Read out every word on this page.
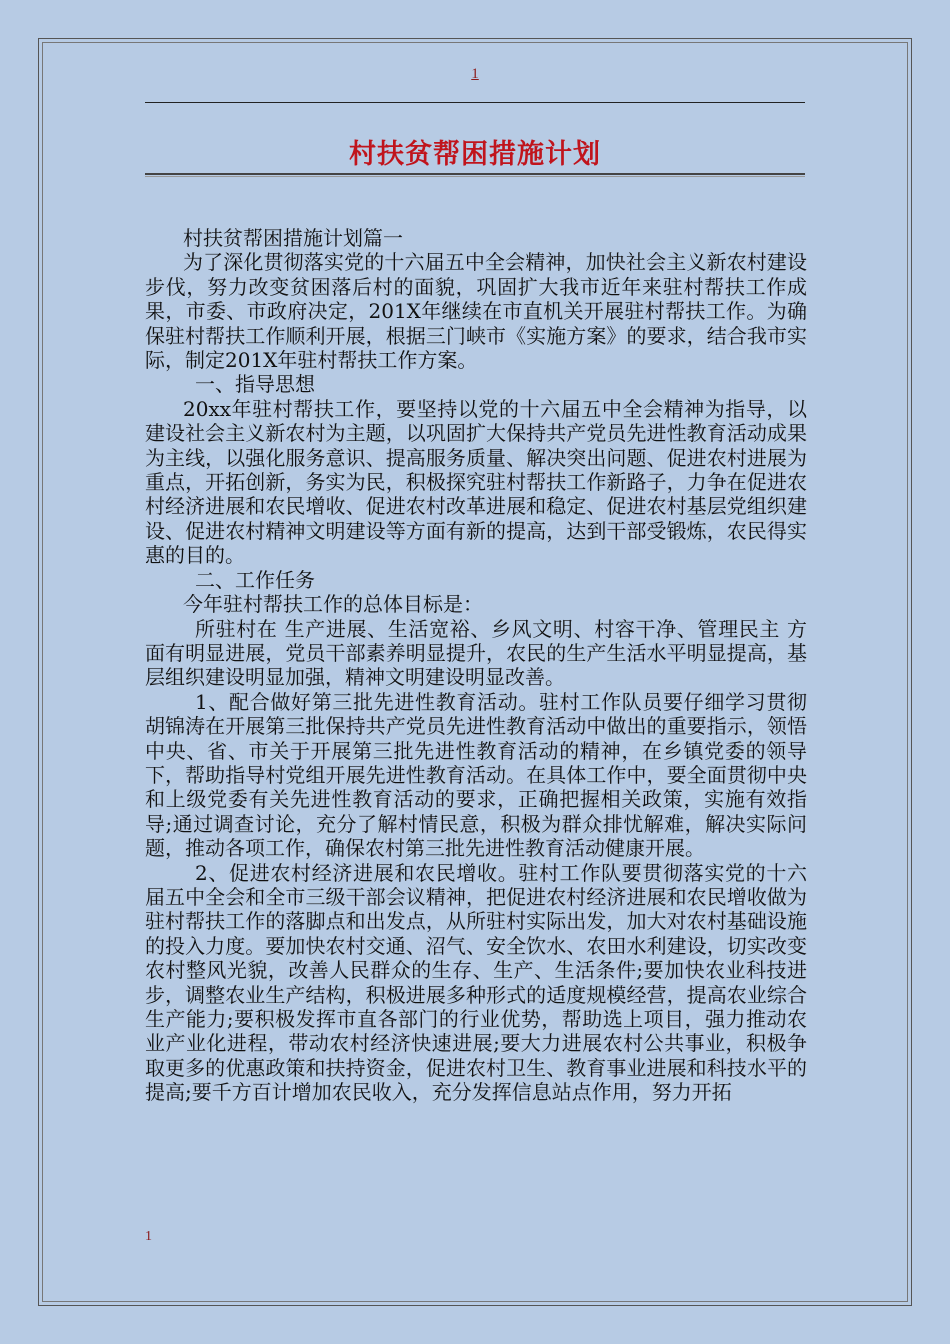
1
村扶贫帮困措施计划

村扶贫帮困措施计划篇一

为了深化贯彻落实党的十六届五中全会精神，加快社会主义新农村建设步伐，努力改变贫困落后村的面貌，巩固扩大我市近年来驻村帮扶工作成果，市委、市政府决定，201X年继续在市直机关开展驻村帮扶工作。为确保驻村帮扶工作顺利开展，根据三门峡市《实施方案》的要求，结合我市实际，制定201X年驻村帮扶工作方案。

一、指导思想

20xx年驻村帮扶工作，要坚持以党的十六届五中全会精神为指导，以建设社会主义新农村为主题，以巩固扩大保持共产党员先进性教育活动成果为主线，以强化服务意识、提高服务质量、解决突出问题、促进农村进展为重点，开拓创新，务实为民，积极探究驻村帮扶工作新路子，力争在促进农村经济进展和农民增收、促进农村改革进展和稳定、促进农村基层党组织建设、促进农村精神文明建设等方面有新的提高，达到干部受锻炼，农民得实惠的目的。

二、工作任务

今年驻村帮扶工作的总体目标是：

所驻村在 生产进展、生活宽裕、乡风文明、村容干净、管理民主 方面有明显进展，党员干部素养明显提升，农民的生产生活水平明显提高，基层组织建设明显加强，精神文明建设明显改善。

1、配合做好第三批先进性教育活动。驻村工作队员要仔细学习贯彻胡锦涛在开展第三批保持共产党员先进性教育活动中做出的重要指示，领悟中央、省、市关于开展第三批先进性教育活动的精神，在乡镇党委的领导下，帮助指导村党组开展先进性教育活动。在具体工作中，要全面贯彻中央和上级党委有关先进性教育活动的要求，正确把握相关政策，实施有效指导;通过调查讨论，充分了解村情民意，积极为群众排忧解难，解决实际问题，推动各项工作，确保农村第三批先进性教育活动健康开展。

2、促进农村经济进展和农民增收。驻村工作队要贯彻落实党的十六届五中全会和全市三级干部会议精神，把促进农村经济进展和农民增收做为驻村帮扶工作的落脚点和出发点，从所驻村实际出发，加大对农村基础设施的投入力度。要加快农村交通、沼气、安全饮水、农田水利建设，切实改变农村整风光貌，改善人民群众的生存、生产、生活条件;要加快农业科技进步，调整农业生产结构，积极进展多种形式的适度规模经营，提高农业综合生产能力;要积极发挥市直各部门的行业优势，帮助选上项目，强力推动农业产业化进程，带动农村经济快速进展;要大力进展农村公共事业，积极争取更多的优惠政策和扶持资金，促进农村卫生、教育事业进展和科技水平的提高;要千方百计增加农民收入，充分发挥信息站点作用，努力开拓

1
